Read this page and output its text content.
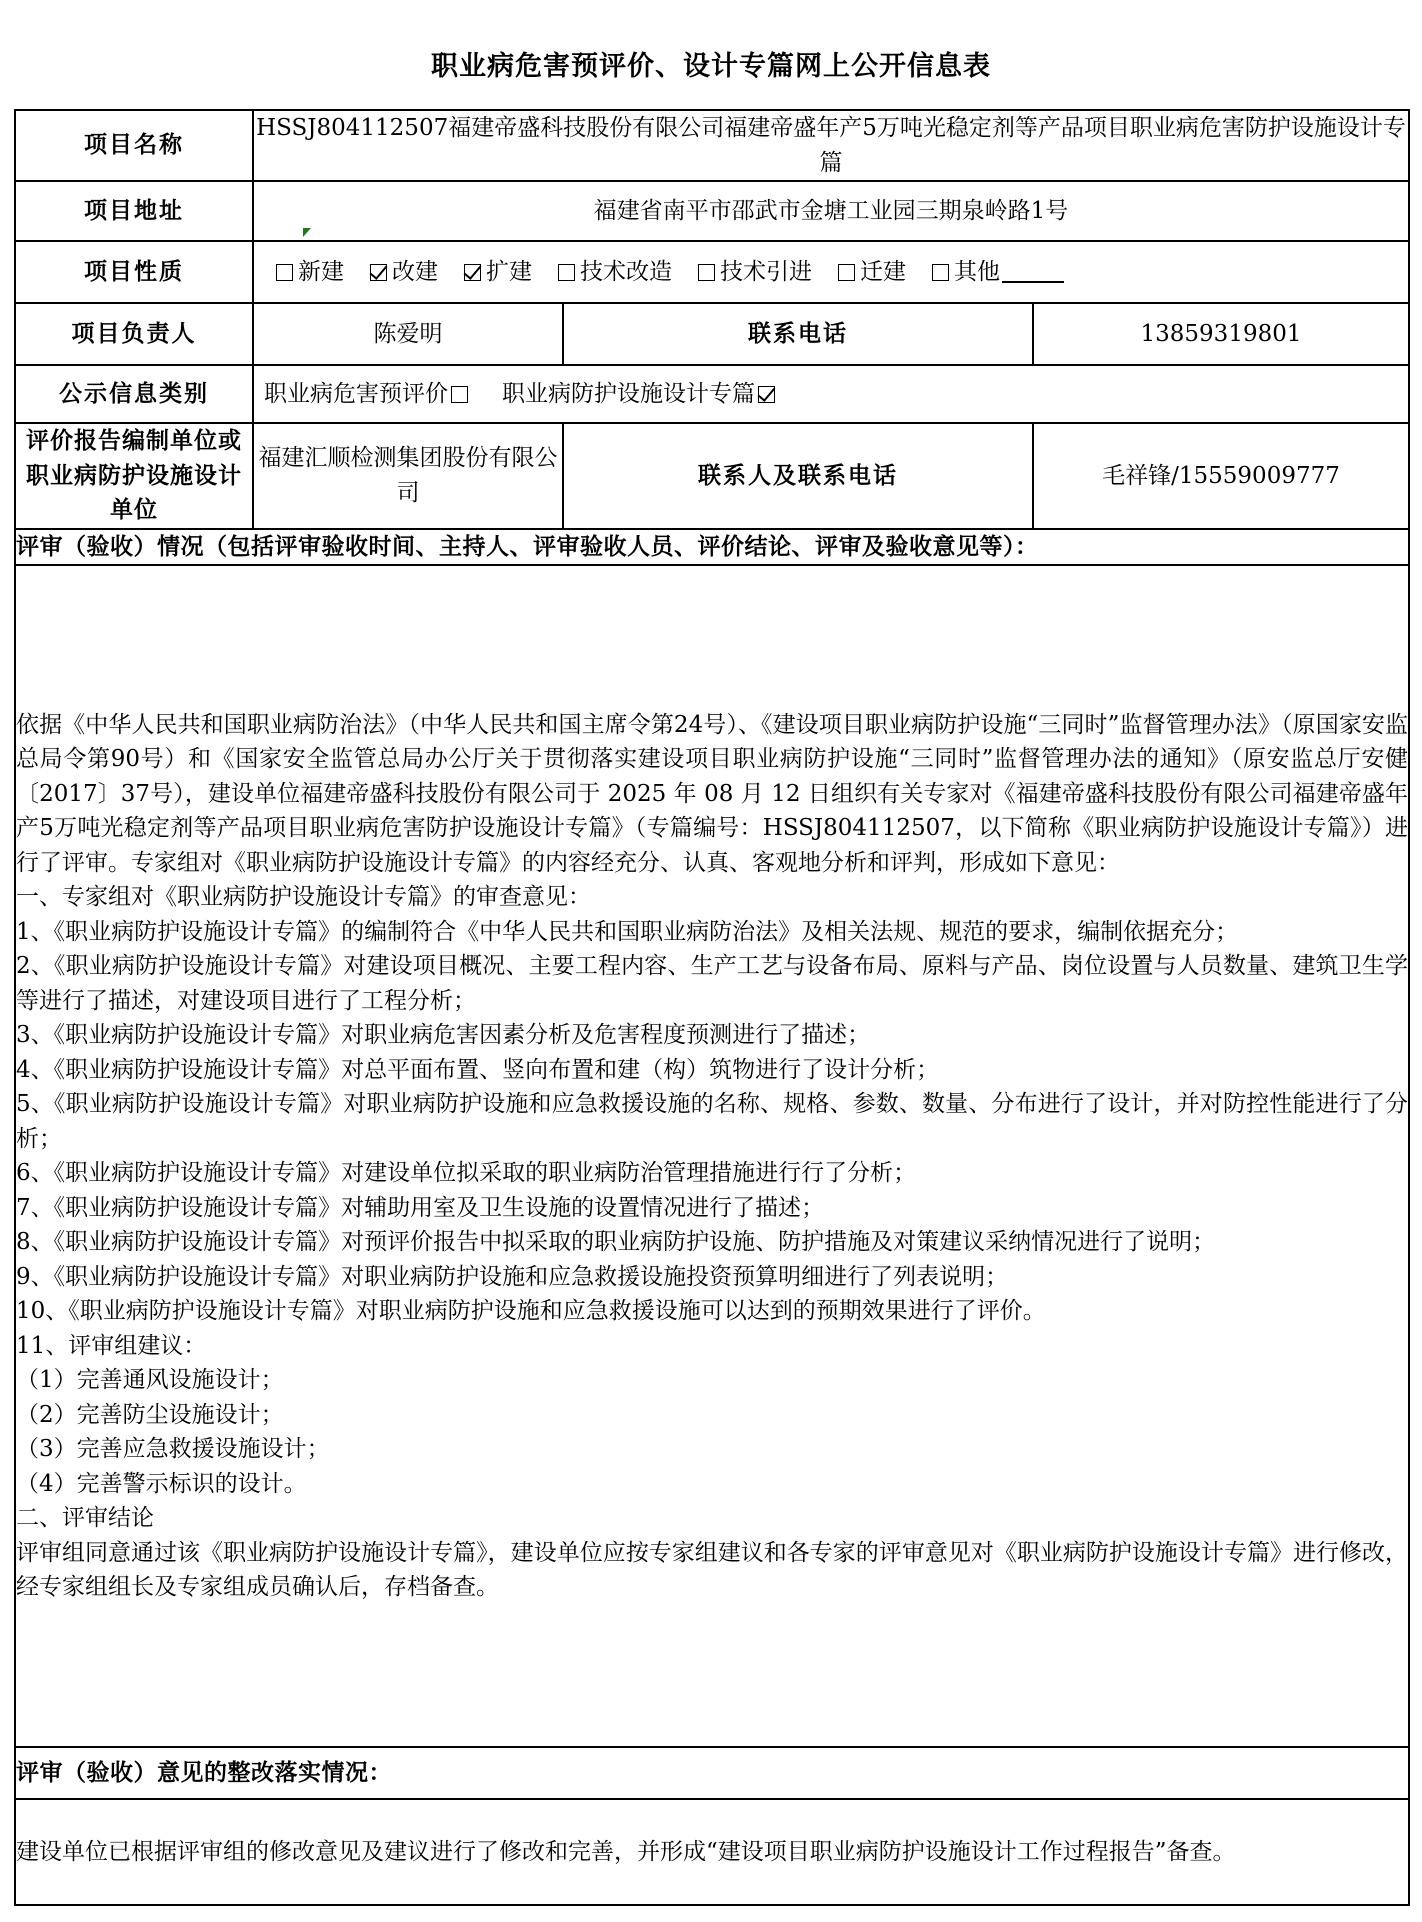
职业病危害预评价、设计专篇网上公开信息表
项目名称	HSSJ804112507福建帝盛科技股份有限公司福建帝盛年产5万吨光稳定剂等产品项目职业病危害防护设施设计专篇		
项目地址	福建省南平市邵武市金塘工业园三期泉岭路1号		
项目性质	新建 改建 扩建 技术改造 技术引进 迁建 其他

项目负责人	陈爱明	联系电话	13859319801
公示信息类别	职业病危害预评价 职业病防护设施设计专篇		

评价报告编制单位或职业病防护设施设计单位	福建汇顺检测集团股份有限公司	联系人及联系电话	毛祥锋/15559009777
评审（验收）情况（包括评审验收时间、主持人、评审验收人员、评价结论、评审及验收意见等）：			

依据《中华人民共和国职业病防治法》（中华人民共和国主席令第24号）、《建设项目职业病防护设施“三同时”监督管理办法》（原国家安监总局令第90号）和《国家安全监管总局办公厅关于贯彻落实建设项目职业病防护设施“三同时”监督管理办法的通知》（原安监总厅安健〔2017〕37号），建设单位福建帝盛科技股份有限公司于 2025 年 08 月 12 日组织有关专家对《福建帝盛科技股份有限公司福建帝盛年产5万吨光稳定剂等产品项目职业病危害防护设施设计专篇》（专篇编号：HSSJ804112507，以下简称《职业病防护设施设计专篇》）进行了评审。专家组对《职业病防护设施设计专篇》的内容经充分、认真、客观地分析和评判，形成如下意见：

一、专家组对《职业病防护设施设计专篇》的审查意见：

1、《职业病防护设施设计专篇》的编制符合《中华人民共和国职业病防治法》及相关法规、规范的要求，编制依据充分；

2、《职业病防护设施设计专篇》对建设项目概况、主要工程内容、生产工艺与设备布局、原料与产品、岗位设置与人员数量、建筑卫生学等进行了描述，对建设项目进行了工程分析；

3、《职业病防护设施设计专篇》对职业病危害因素分析及危害程度预测进行了描述；

4、《职业病防护设施设计专篇》对总平面布置、竖向布置和建（构）筑物进行了设计分析；

5、《职业病防护设施设计专篇》对职业病防护设施和应急救援设施的名称、规格、参数、数量、分布进行了设计，并对防控性能进行了分析；

6、《职业病防护设施设计专篇》对建设单位拟采取的职业病防治管理措施进行行了分析；

7、《职业病防护设施设计专篇》对辅助用室及卫生设施的设置情况进行了描述；

8、《职业病防护设施设计专篇》对预评价报告中拟采取的职业病防护设施、防护措施及对策建议采纳情况进行了说明；

9、《职业病防护设施设计专篇》对职业病防护设施和应急救援设施投资预算明细进行了列表说明；

10、《职业病防护设施设计专篇》对职业病防护设施和应急救援设施可以达到的预期效果进行了评价。

11、评审组建议：

（1）完善通风设施设计；

（2）完善防尘设施设计；

（3）完善应急救援设施设计；

（4）完善警示标识的设计。

二、评审结论

评审组同意通过该《职业病防护设施设计专篇》，建设单位应按专家组建议和各专家的评审意见对《职业病防护设施设计专篇》进行修改，经专家组组长及专家组成员确认后，存档备查。

评审（验收）意见的整改落实情况：			

建设单位已根据评审组的修改意见及建议进行了修改和完善，并形成“建设项目职业病防护设施设计工作过程报告”备查。			
